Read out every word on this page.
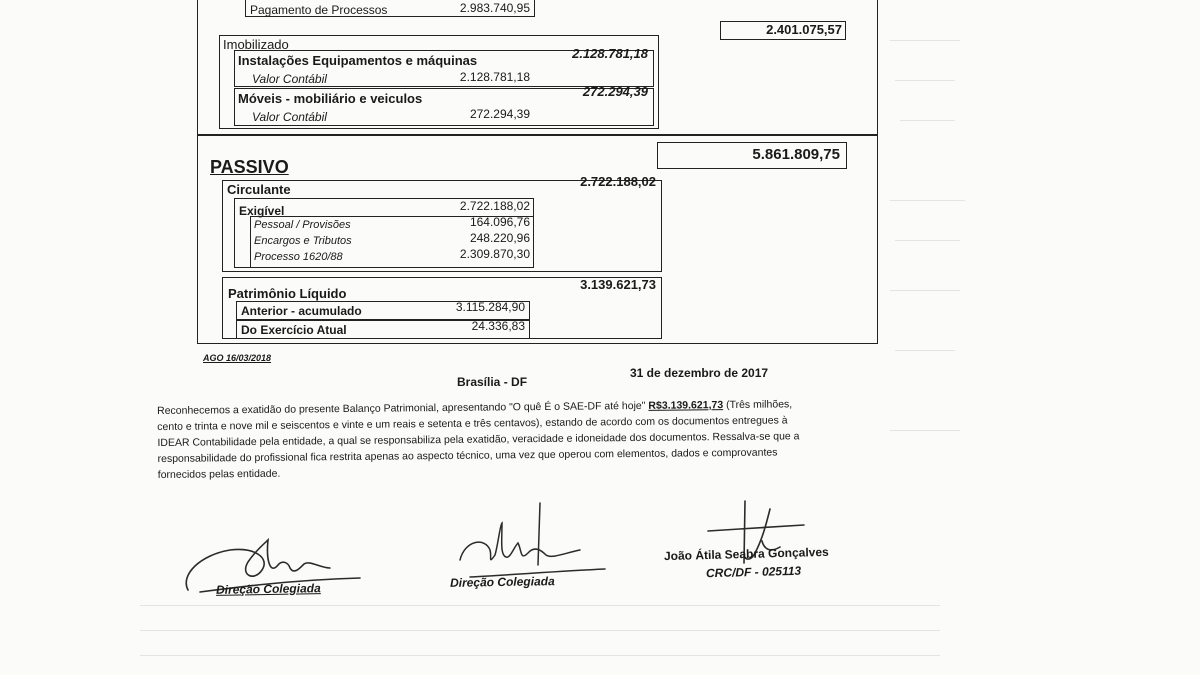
Pagamento de Processos	2.983.740,95
2.401.075,57
Imobilizado
Instalações Equipamentos e máquinas	2.128.781,18
Valor Contábil	2.128.781,18
Móveis - mobiliário e veiculos	272.294,39
Valor Contábil	272.294,39
5.861.809,75
PASSIVO
Circulante
2.722.188,02
Exigível	2.722.188,02
Pessoal / Provisões	164.096,76
Encargos e Tributos	248.220,96
Processo 1620/88	2.309.870,30
Patrimônio Líquido
3.139.621,73
Anterior - acumulado	3.115.284,90
Do Exercício Atual	24.336,83
AGO 16/03/2018
Brasília - DF
31 de dezembro de 2017

Reconhecemos a exatidão do presente Balanço Patrimonial, apresentando "O quê É o SAE-DF até hoje" R$3.139.621,73 (Três milhões,

cento e trinta e nove mil e seiscentos e vinte e um reais e setenta e três centavos), estando de acordo com os documentos entregues à

IDEAR Contabilidade pela entidade, a qual se responsabiliza pela exatidão, veracidade e idoneidade dos documentos. Ressalva-se que a

responsabilidade do profissional fica restrita apenas ao aspecto técnico, uma vez que operou com elementos, dados e comprovantes

fornecidos pelas entidade.

Direção Colegiada	Direção Colegiada
João Átila Seabra Gonçalves
CRC/DF - 025113
